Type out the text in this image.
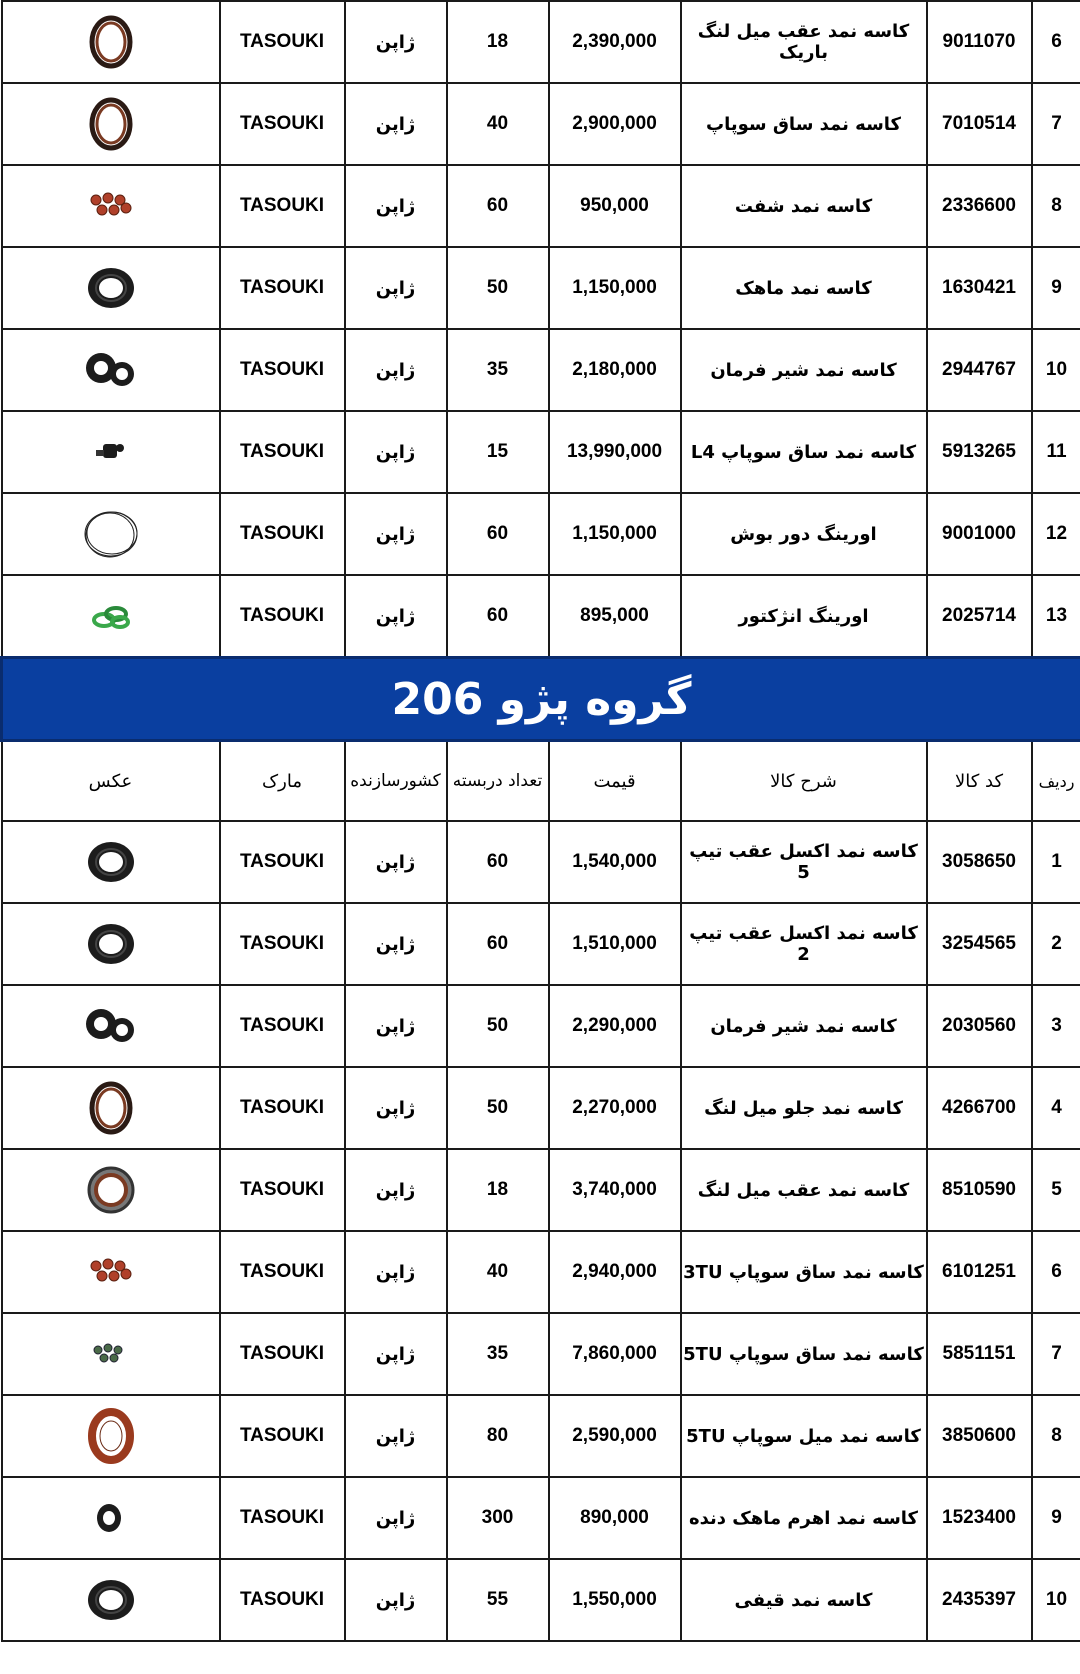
	TASOUKI	ژاپن	18	2,390,000	کاسه نمد عقب میل لنگ باریک	9011070	6

	TASOUKI	ژاپن	40	2,900,000	کاسه نمد ساق سوپاپ	7010514	7

	TASOUKI	ژاپن	60	950,000	کاسه نمد شفت	2336600	8

	TASOUKI	ژاپن	50	1,150,000	کاسه نمد ماهک	1630421	9

	TASOUKI	ژاپن	35	2,180,000	کاسه نمد شیر فرمان	2944767	10

	TASOUKI	ژاپن	15	13,990,000	کاسه نمد ساق سوپاپ L4	5913265	11

	TASOUKI	ژاپن	60	1,150,000	اورینگ دور بوش	9001000	12

	TASOUKI	ژاپن	60	895,000	اورینگ انژکتور	2025714	13
گروه پژو 206							
عکس	مارک	کشورسازنده	تعداد دربسته	قیمت	شرح کالا	کد کالا	ردیف

	TASOUKI	ژاپن	60	1,540,000	کاسه نمد اکسل عقب تیپ 5	3058650	1

	TASOUKI	ژاپن	60	1,510,000	کاسه نمد اکسل عقب تیپ 2	3254565	2

	TASOUKI	ژاپن	50	2,290,000	کاسه نمد شیر فرمان	2030560	3

	TASOUKI	ژاپن	50	2,270,000	کاسه نمد جلو میل لنگ	4266700	4

	TASOUKI	ژاپن	18	3,740,000	کاسه نمد عقب میل لنگ	8510590	5

	TASOUKI	ژاپن	40	2,940,000	کاسه نمد ساق سوپاپ 3TU	6101251	6

	TASOUKI	ژاپن	35	7,860,000	کاسه نمد ساق سوپاپ 5TU	5851151	7

	TASOUKI	ژاپن	80	2,590,000	کاسه نمد میل سوپاپ 5TU	3850600	8

	TASOUKI	ژاپن	300	890,000	کاسه نمد اهرم ماهک دنده	1523400	9

	TASOUKI	ژاپن	55	1,550,000	کاسه نمد قیفی	2435397	10
